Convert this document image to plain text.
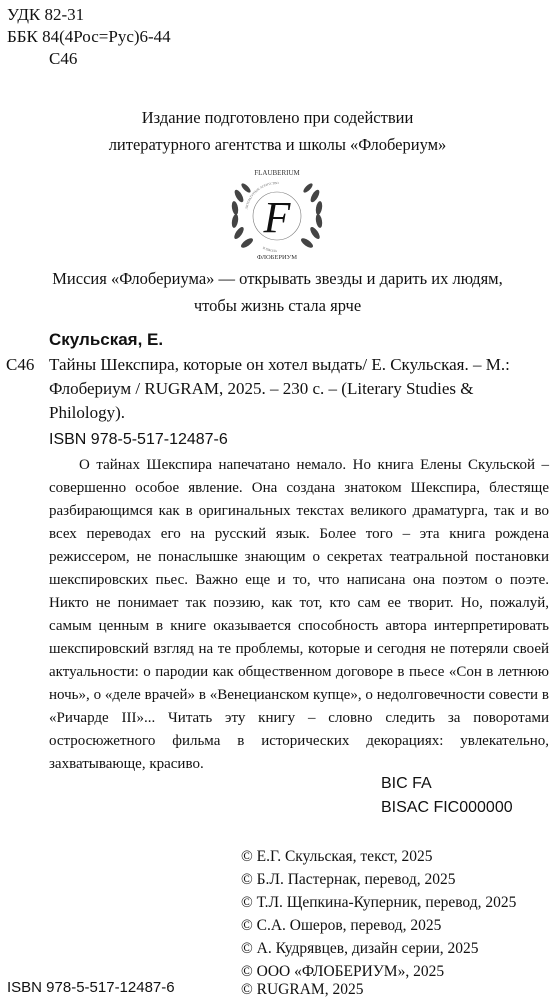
УДК 82-31
ББК 84(4Рос=Рус)6-44
С46
Издание подготовлено при содействии
литературного агентства и школы «Флобериум»
FLAUBERIUM
F
ФЛОБЕРИУМ
ЛИТЕРАТУРНОЕ АГЕНТСТВО
И ШКОЛА
Миссия «Флобериума» — открывать звезды и дарить их людям,
чтобы жизнь стала ярче
Скульская, Е.
С46 Тайны Шекспира, которые он хотел выдать/ Е. Скульская. – М.:
Флобериум / RUGRAM, 2025. – 230 с. – (Literary Studies &
Philology).
ISBN 978-5-517-12487-6
О тайнах Шекспира напечатано немало. Но книга Елены Скульской – совершенно особое явление. Она создана знатоком Шекспира, блестяще разбирающимся как в оригинальных текстах великого драматурга, так и во всех переводах его на русский язык. Более того – эта книга рождена режиссером, не понаслышке знающим о секретах театральной постановки шекспировских пьес. Важно еще и то, что написана она поэтом о поэте. Никто не понимает так поэзию, как тот, кто сам ее творит. Но, пожалуй, самым ценным в книге оказывается способность автора интерпретировать шекспировский взгляд на те проблемы, которые и сегодня не потеряли своей актуальности: о пародии как общественном договоре в пьесе «Сон в летнюю ночь», о «деле врачей» в «Венецианском купце», о недолговечности совести в «Ричарде III»... Читать эту книгу – словно следить за поворотами остросюжетного фильма в исторических декорациях: увлекательно, захватывающе, красиво.
BIC FA
BISAC FIC000000
© Е.Г. Скульская, текст, 2025
© Б.Л. Пастернак, перевод, 2025
© Т.Л. Щепкина-Куперник, перевод, 2025
© С.А. Ошеров, перевод, 2025
© А. Кудрявцев, дизайн серии, 2025
© ООО «ФЛОБЕРИУМ», 2025
© RUGRAM, 2025
ISBN 978-5-517-12487-6
